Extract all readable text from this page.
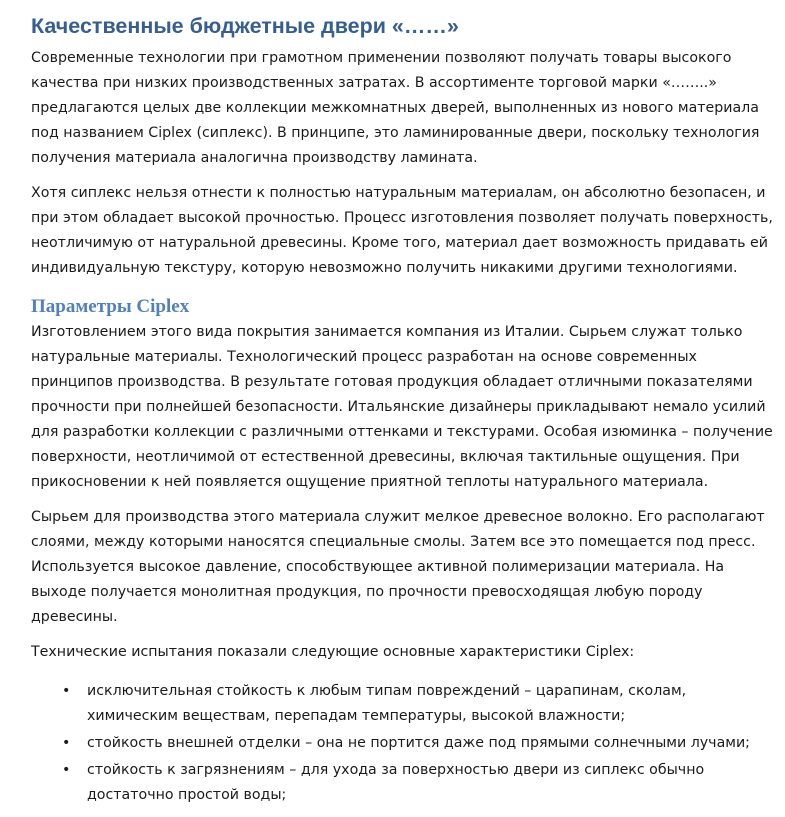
Качественные бюджетные двери «……»

Современные технологии при грамотном применении позволяют получать товары высокого качества при низких производственных затратах. В ассортименте торговой марки «……..» предлагаются целых две коллекции межкомнатных дверей, выполненных из нового материала под названием Ciplex (сиплекс). В принципе, это ламинированные двери, поскольку технология получения материала аналогична производству ламината.

Хотя сиплекс нельзя отнести к полностью натуральным материалам, он абсолютно безопасен, и при этом обладает высокой прочностью. Процесс изготовления позволяет получать поверхность, неотличимую от натуральной древесины. Кроме того, материал дает возможность придавать ей индивидуальную текстуру, которую невозможно получить никакими другими технологиями.

Параметры Ciplex

Изготовлением этого вида покрытия занимается компания из Италии. Сырьем служат только натуральные материалы. Технологический процесс разработан на основе современных принципов производства. В результате готовая продукция обладает отличными показателями прочности при полнейшей безопасности. Итальянские дизайнеры прикладывают немало усилий для разработки коллекции с различными оттенками и текстурами. Особая изюминка – получение поверхности, неотличимой от естественной древесины, включая тактильные ощущения. При прикосновении к ней появляется ощущение приятной теплоты натурального материала.

Сырьем для производства этого материала служит мелкое древесное волокно. Его располагают слоями, между которыми наносятся специальные смолы. Затем все это помещается под пресс. Используется высокое давление, способствующее активной полимеризации материала. На выходе получается монолитная продукция, по прочности превосходящая любую породу древесины.

Технические испытания показали следующие основные характеристики Ciplex:

• исключительная стойкость к любым типам повреждений – царапинам, сколам, химическим веществам, перепадам температуры, высокой влажности;
• стойкость внешней отделки – она не портится даже под прямыми солнечными лучами;
• стойкость к загрязнениям – для ухода за поверхностью двери из сиплекс обычно достаточно простой воды;
